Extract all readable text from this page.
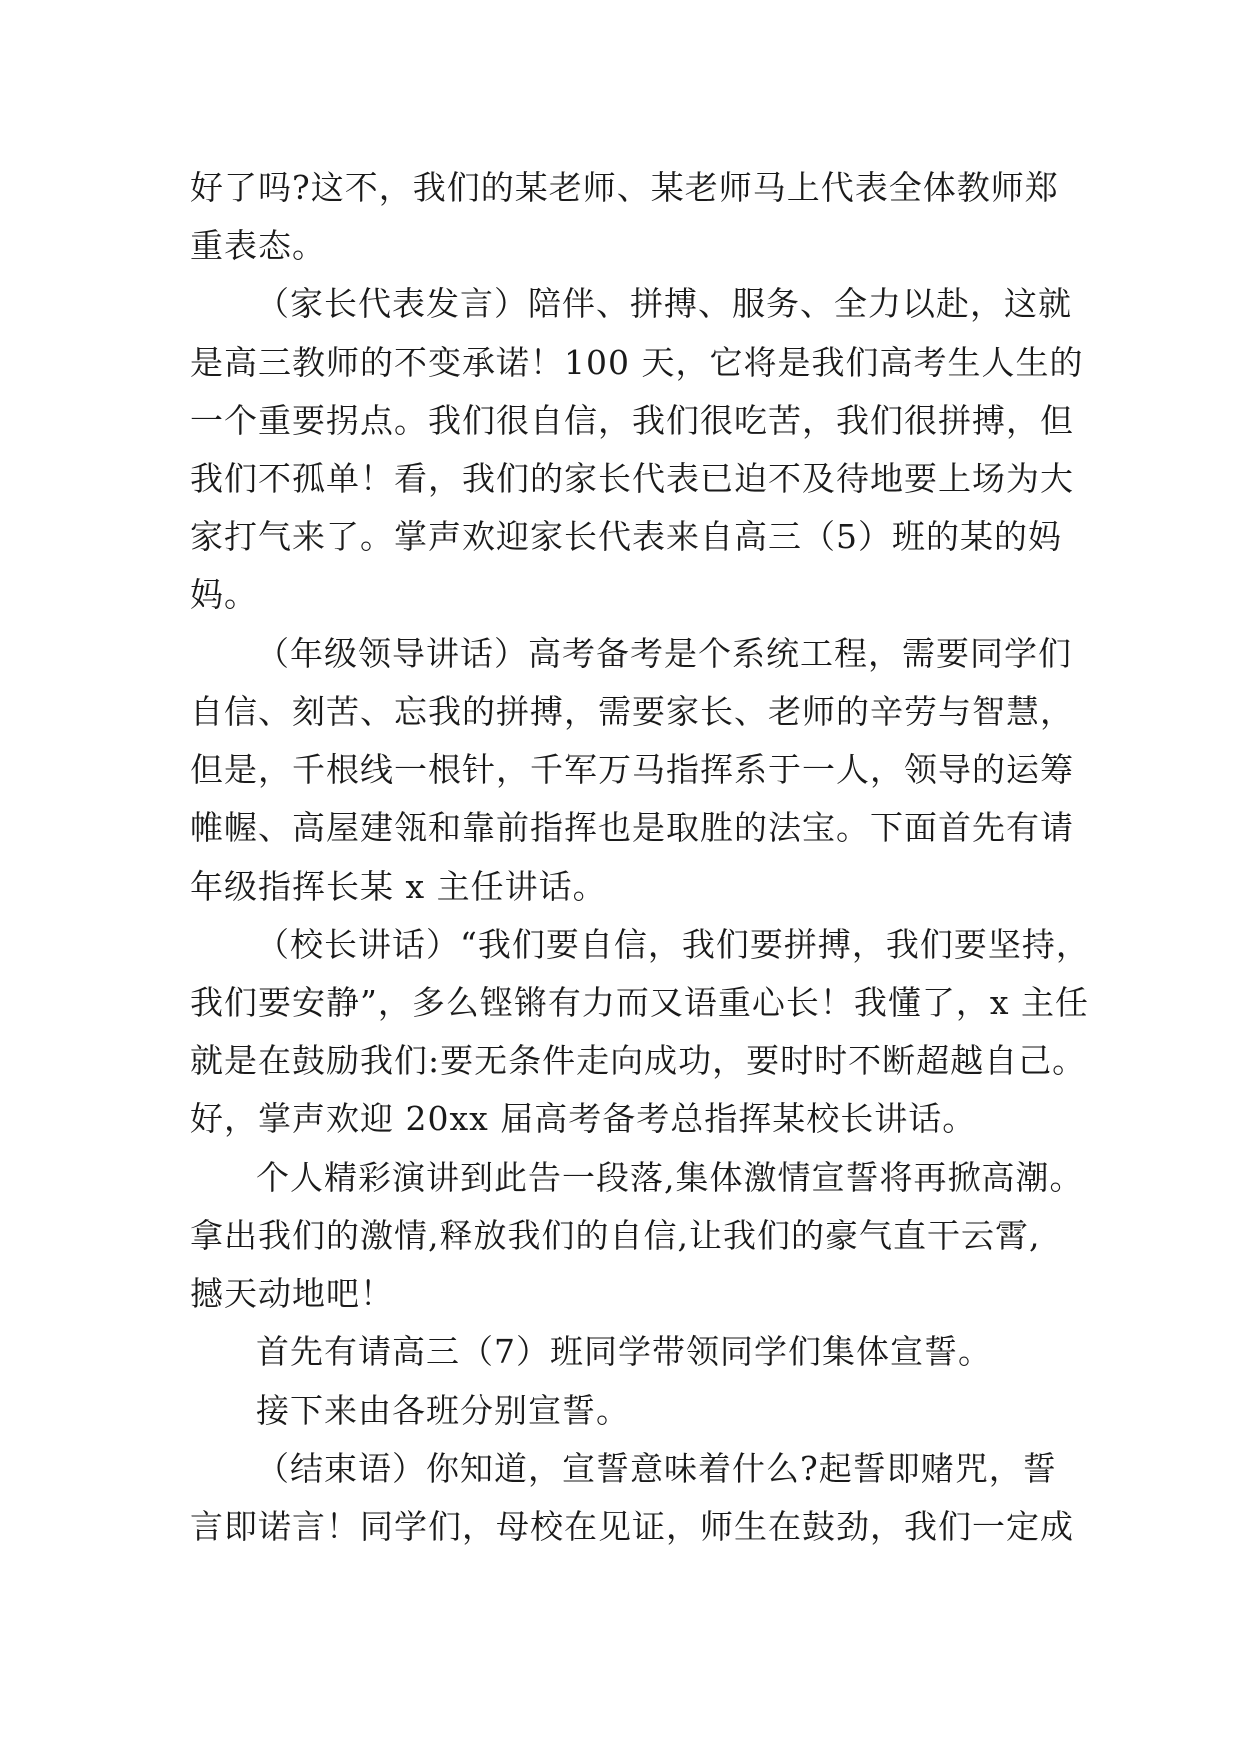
好了吗?这不，我们的某老师、某老师马上代表全体教师郑
重表态。
（家长代表发言）陪伴、拼搏、服务、全力以赴，这就
是高三教师的不变承诺！100 天，它将是我们高考生人生的
一个重要拐点。我们很自信，我们很吃苦，我们很拼搏，但
我们不孤单！看，我们的家长代表已迫不及待地要上场为大
家打气来了。掌声欢迎家长代表来自高三（5）班的某的妈
妈。
（年级领导讲话）高考备考是个系统工程，需要同学们
自信、刻苦、忘我的拼搏，需要家长、老师的辛劳与智慧，
但是，千根线一根针，千军万马指挥系于一人，领导的运筹
帷幄、高屋建瓴和靠前指挥也是取胜的法宝。下面首先有请
年级指挥长某 x 主任讲话。
（校长讲话）“我们要自信，我们要拼搏，我们要坚持，
我们要安静”，多么铿锵有力而又语重心长！我懂了，x 主任
就是在鼓励我们:要无条件走向成功，要时时不断超越自己。
好，掌声欢迎 20xx 届高考备考总指挥某校长讲话。
个人精彩演讲到此告一段落,集体激情宣誓将再掀高潮。
拿出我们的激情,释放我们的自信,让我们的豪气直干云霄,
撼天动地吧！
首先有请高三（7）班同学带领同学们集体宣誓。
接下来由各班分别宣誓。
（结束语）你知道，宣誓意味着什么?起誓即赌咒，誓
言即诺言！同学们，母校在见证，师生在鼓劲，我们一定成
